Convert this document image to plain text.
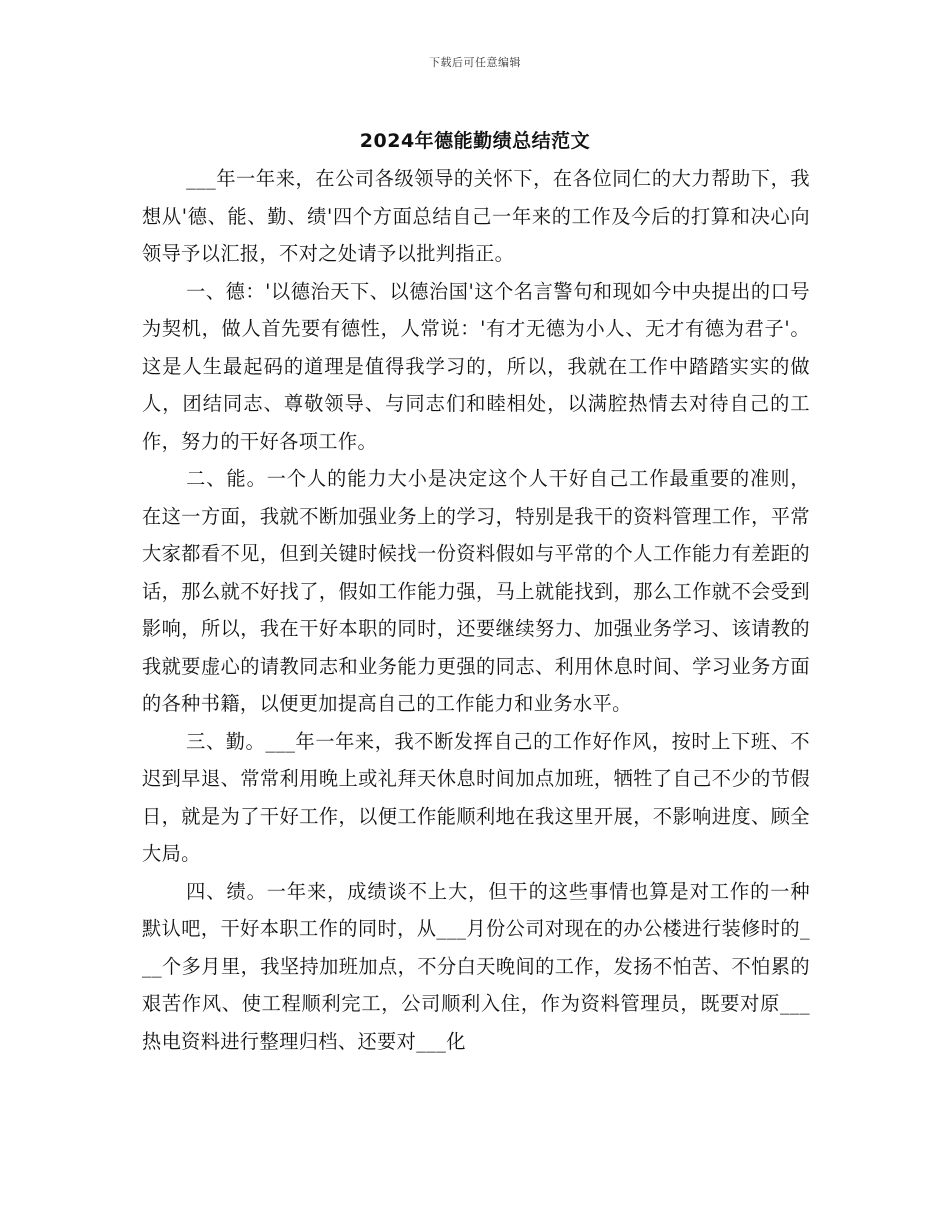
下载后可任意编辑
2024年德能勤绩总结范文

___年一年来，在公司各级领导的关怀下，在各位同仁的大力帮助下，我想从'德、能、勤、绩'四个方面总结自己一年来的工作及今后的打算和决心向领导予以汇报，不对之处请予以批判指正。

一、德：'以德治天下、以德治国'这个名言警句和现如今中央提出的口号为契机，做人首先要有德性，人常说：'有才无德为小人、无才有德为君子'。这是人生最起码的道理是值得我学习的，所以，我就在工作中踏踏实实的做人，团结同志、尊敬领导、与同志们和睦相处，以满腔热情去对待自己的工作，努力的干好各项工作。

二、能。一个人的能力大小是决定这个人干好自己工作最重要的准则，在这一方面，我就不断加强业务上的学习，特别是我干的资料管理工作，平常大家都看不见，但到关键时候找一份资料假如与平常的个人工作能力有差距的话，那么就不好找了，假如工作能力强，马上就能找到，那么工作就不会受到影响，所以，我在干好本职的同时，还要继续努力、加强业务学习、该请教的我就要虚心的请教同志和业务能力更强的同志、利用休息时间、学习业务方面的各种书籍，以便更加提高自己的工作能力和业务水平。

三、勤。___年一年来，我不断发挥自己的工作好作风，按时上下班、不迟到早退、常常利用晚上或礼拜天休息时间加点加班，牺牲了自己不少的节假日，就是为了干好工作，以便工作能顺利地在我这里开展，不影响进度、顾全大局。

四、绩。一年来，成绩谈不上大，但干的这些事情也算是对工作的一种默认吧，干好本职工作的同时，从___月份公司对现在的办公楼进行装修时的___个多月里，我坚持加班加点，不分白天晚间的工作，发扬不怕苦、不怕累的艰苦作风、使工程顺利完工，公司顺利入住，作为资料管理员，既要对原___热电资料进行整理归档、还要对___化
